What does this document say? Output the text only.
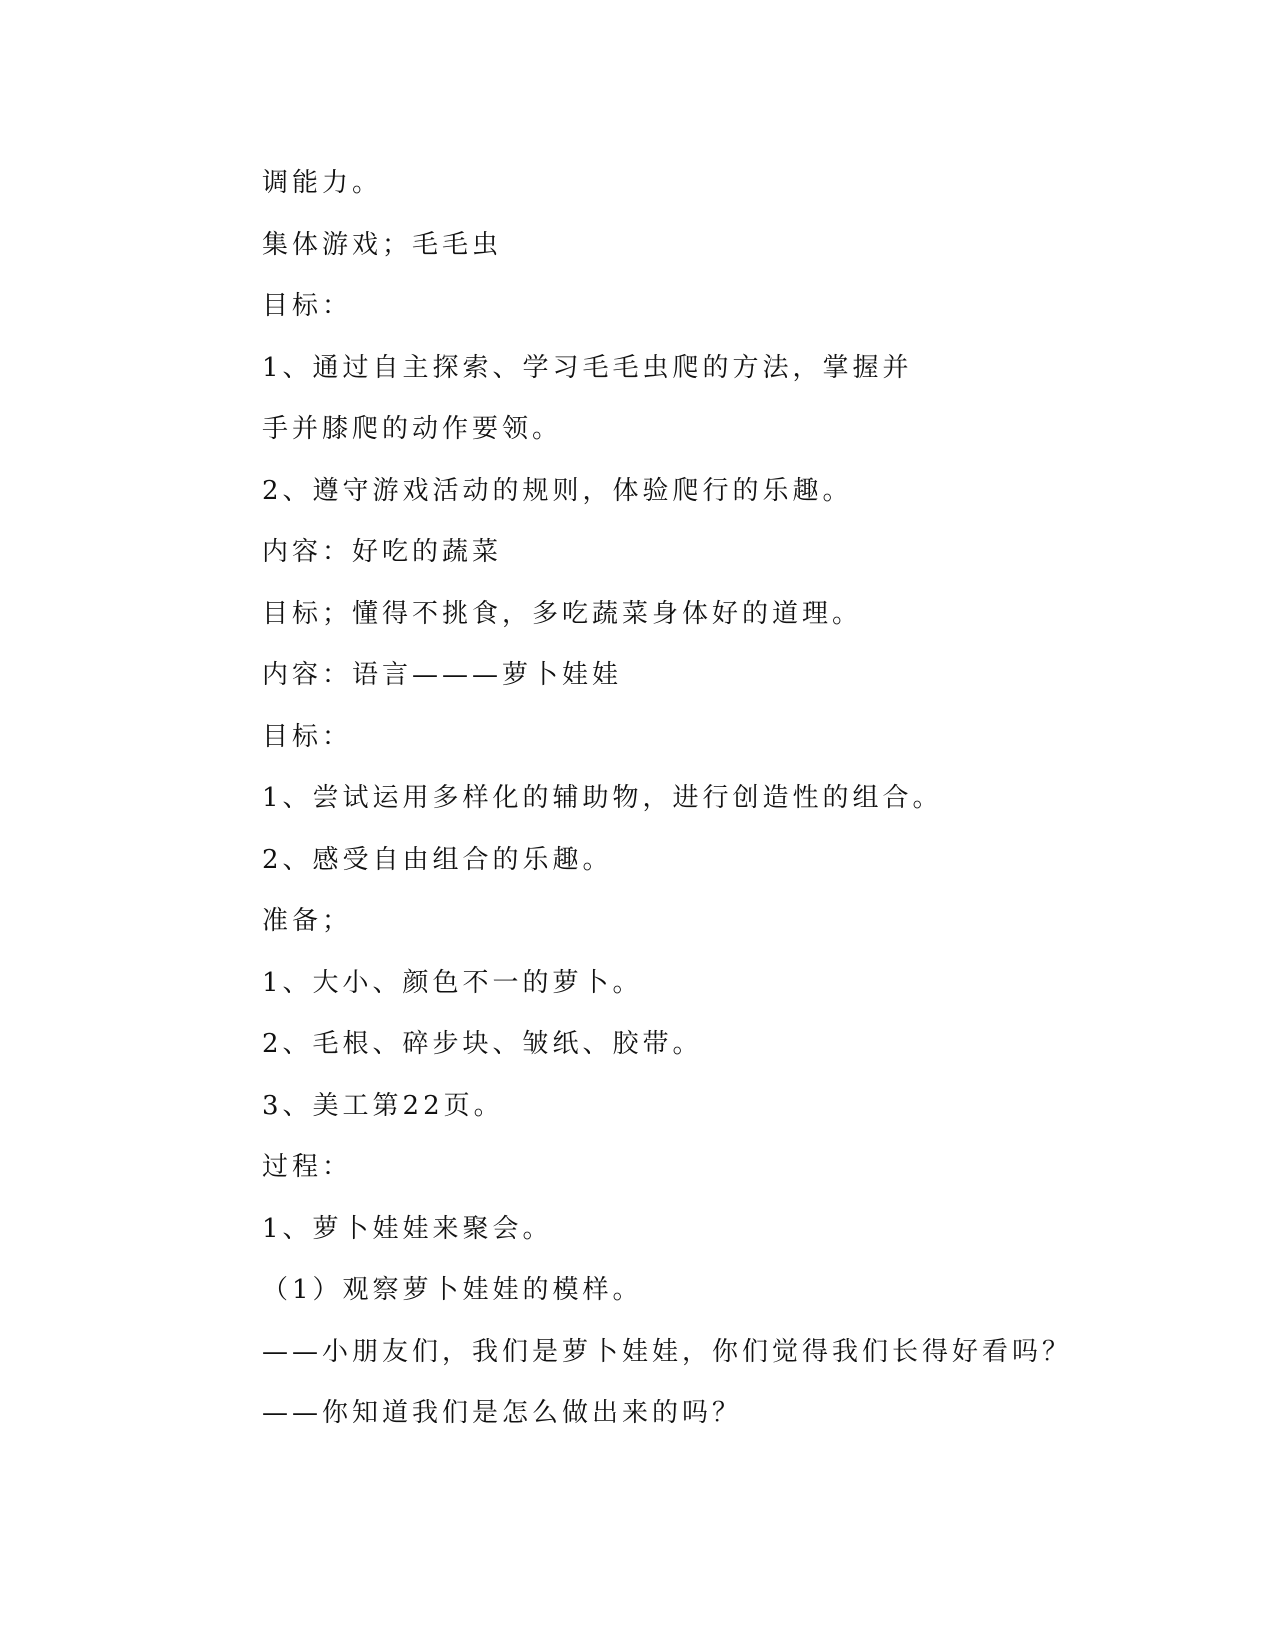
调能力。
集体游戏；毛毛虫
目标：
1、通过自主探索、学习毛毛虫爬的方法，掌握并
手并膝爬的动作要领。
2、遵守游戏活动的规则，体验爬行的乐趣。
内容：好吃的蔬菜
目标；懂得不挑食，多吃蔬菜身体好的道理。
内容：语言———萝卜娃娃
目标：
1、尝试运用多样化的辅助物，进行创造性的组合。
2、感受自由组合的乐趣。
准备；
1、大小、颜色不一的萝卜。
2、毛根、碎步块、皱纸、胶带。
3、美工第22页。
过程：
1、萝卜娃娃来聚会。
（1）观察萝卜娃娃的模样。
——小朋友们，我们是萝卜娃娃，你们觉得我们长得好看吗？
——你知道我们是怎么做出来的吗？
